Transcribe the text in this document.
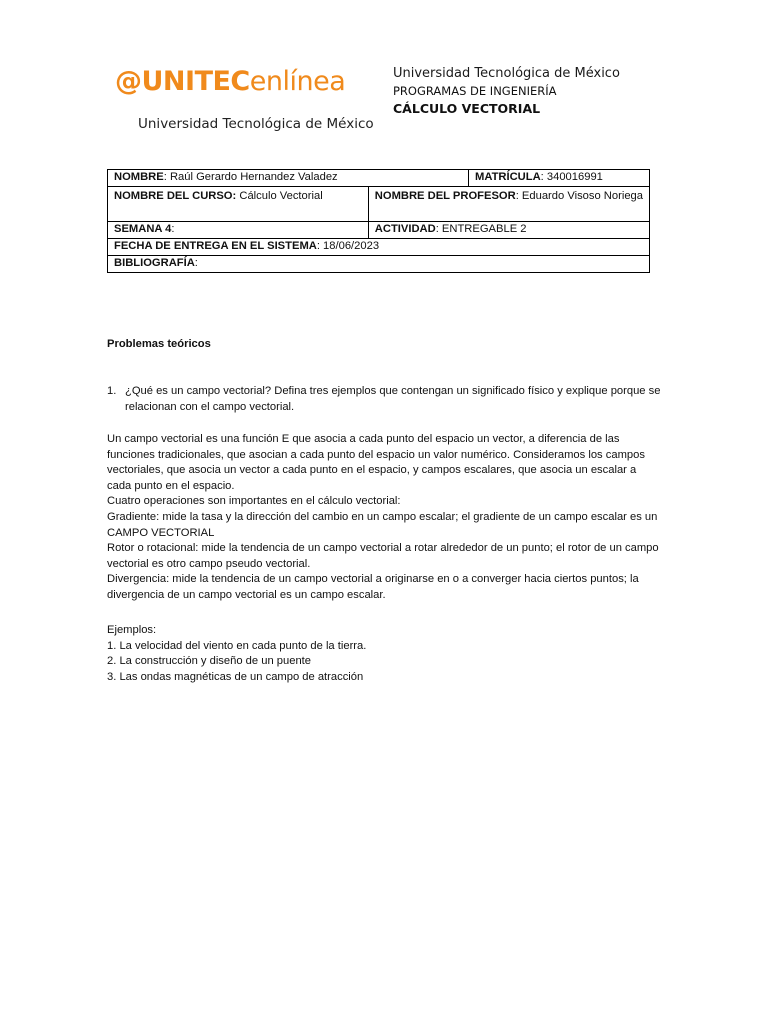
@UNITECenlínea
Universidad Tecnológica de México
Universidad Tecnológica de México
PROGRAMAS DE INGENIERÍA
CÁLCULO VECTORIAL
NOMBRE: Raúl Gerardo Hernandez Valadez		MATRÍCULA: 340016991
NOMBRE DEL CURSO: Cálculo Vectorial	NOMBRE DEL PROFESOR: Eduardo Visoso Noriega	
SEMANA 4:	ACTIVIDAD: ENTREGABLE 2	
FECHA DE ENTREGA EN EL SISTEMA: 18/06/2023		
BIBLIOGRAFÍA:		
Problemas teóricos
1. ¿Qué es un campo vectorial? Defina tres ejemplos que contengan un significado físico y explique porque se relacionan con el campo vectorial.

Un campo vectorial es una función E que asocia a cada punto del espacio un vector, a diferencia de las funciones tradicionales, que asocian a cada punto del espacio un valor numérico. Consideramos los campos vectoriales, que asocia un vector a cada punto en el espacio, y campos escalares, que asocia un escalar a cada punto en el espacio.

Cuatro operaciones son importantes en el cálculo vectorial:

Gradiente: mide la tasa y la dirección del cambio en un campo escalar; el gradiente de un campo escalar es un CAMPO VECTORIAL

Rotor o rotacional: mide la tendencia de un campo vectorial a rotar alrededor de un punto; el rotor de un campo vectorial es otro campo pseudo vectorial.

Divergencia: mide la tendencia de un campo vectorial a originarse en o a converger hacia ciertos puntos; la divergencia de un campo vectorial es un campo escalar.

Ejemplos:

1. La velocidad del viento en cada punto de la tierra.

2. La construcción y diseño de un puente

3. Las ondas magnéticas de un campo de atracción
